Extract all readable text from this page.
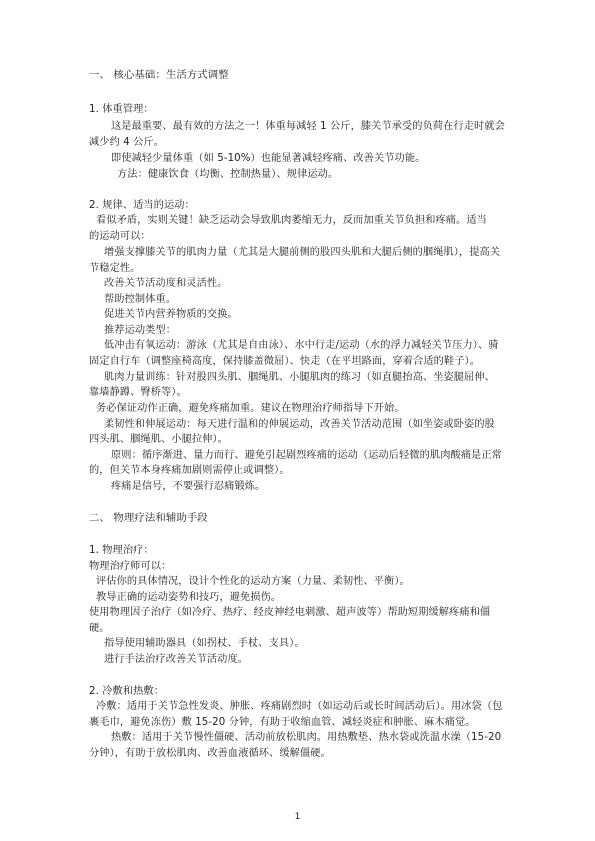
一、 核心基础：生活方式调整
1. 体重管理：
这是最重要、最有效的方法之一！体重每减轻 1 公斤，膝关节承受的负荷在行走时就会
减少约 4 公斤。
即使减轻少量体重（如 5-10%）也能显著减轻疼痛、改善关节功能。
方法：健康饮食（均衡、控制热量）、规律运动。
2. 规律、适当的运动：
看似矛盾，实则关键！缺乏运动会导致肌肉萎缩无力，反而加重关节负担和疼痛。适当
的运动可以：
增强支撑膝关节的肌肉力量（尤其是大腿前侧的股四头肌和大腿后侧的腘绳肌），提高关
节稳定性。
改善关节活动度和灵活性。
帮助控制体重。
促进关节内营养物质的交换。
推荐运动类型：
低冲击有氧运动：游泳（尤其是自由泳）、水中行走/运动（水的浮力减轻关节压力）、骑
固定自行车（调整座椅高度，保持膝盖微屈）、快走（在平坦路面，穿着合适的鞋子）。
肌肉力量训练：针对股四头肌、腘绳肌、小腿肌肉的练习（如直腿抬高、坐姿腿屈伸、
靠墙静蹲、臀桥等）。
务必保证动作正确，避免疼痛加重。建议在物理治疗师指导下开始。
柔韧性和伸展运动：每天进行温和的伸展运动，改善关节活动范围（如坐姿或卧姿的股
四头肌、腘绳肌、小腿拉伸）。
原则：循序渐进、量力而行、避免引起剧烈疼痛的运动（运动后轻微的肌肉酸痛是正常
的，但关节本身疼痛加剧则需停止或调整）。
疼痛是信号，不要强行忍痛锻炼。
二、 物理疗法和辅助手段
1. 物理治疗：
物理治疗师可以：
评估你的具体情况，设计个性化的运动方案（力量、柔韧性、平衡）。
教导正确的运动姿势和技巧，避免损伤。
使用物理因子治疗（如冷疗、热疗、经皮神经电刺激、超声波等）帮助短期缓解疼痛和僵
硬。
指导使用辅助器具（如拐杖、手杖、支具）。
进行手法治疗改善关节活动度。
2. 冷敷和热敷：
冷敷：适用于关节急性发炎、肿胀、疼痛剧烈时（如运动后或长时间活动后）。用冰袋（包
裹毛巾，避免冻伤）敷 15-20 分钟，有助于收缩血管、减轻炎症和肿胀、麻木痛觉。
热敷：适用于关节慢性僵硬、活动前放松肌肉。用热敷垫、热水袋或洗温水澡（15-20
分钟），有助于放松肌肉、改善血液循环、缓解僵硬。
1
